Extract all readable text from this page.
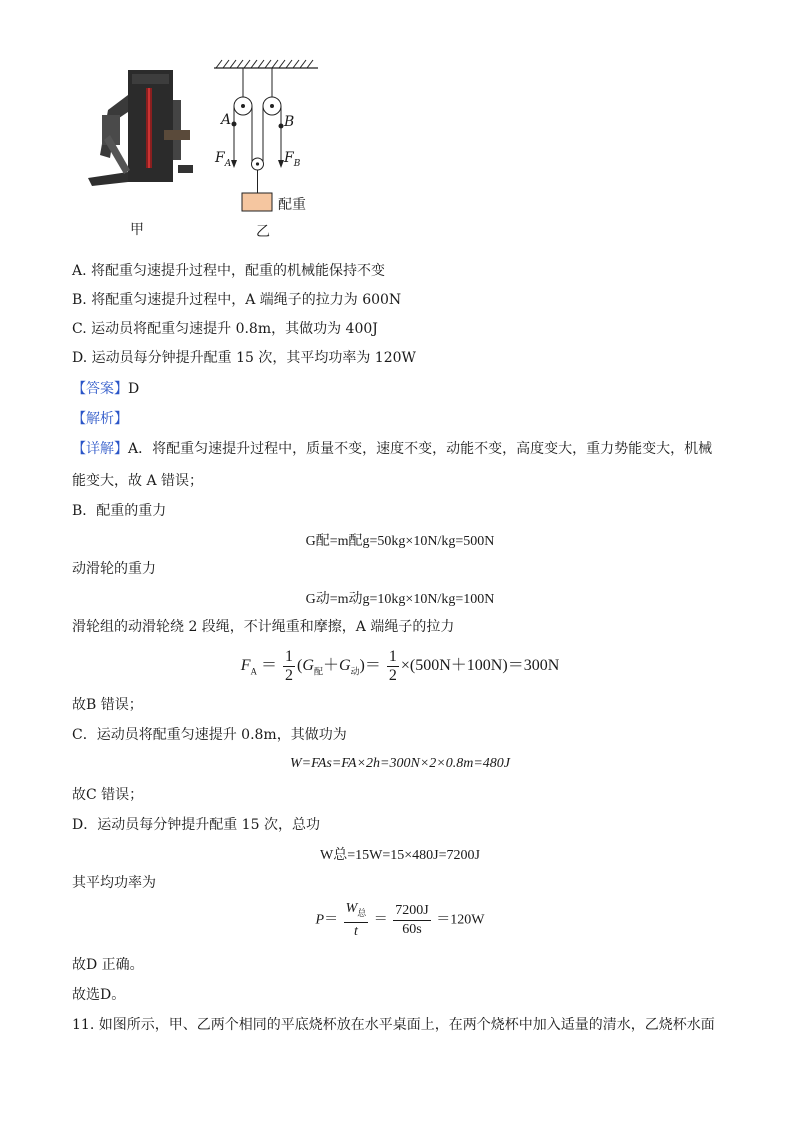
A	B
$F_A$	$F_B$
配重
甲	乙
A. 将配重匀速提升过程中，配重的机械能保持不变
B. 将配重匀速提升过程中，A 端绳子的拉力为 600N
C. 运动员将配重匀速提升 0.8m，其做功为 400J
D. 运动员每分钟提升配重 15 次，其平均功率为 120W
【答案】D
【解析】
【详解】A．将配重匀速提升过程中，质量不变，速度不变，动能不变，高度变大，重力势能变大，机械
能变大，故 A 错误；
B．配重的重力
G配=m配g=50kg×10N/kg=500N
动滑轮的重力
G动=m动g=10kg×10N/kg=100N
滑轮组的动滑轮绕 2 段绳，不计绳重和摩擦，A 端绳子的拉力
$F_A = \frac{1}{2} (G_配+G_动)= \frac{1}{2} \times(500N+100N)=300N$
故B 错误；
C．运动员将配重匀速提升 0.8m，其做功为
W=FAs=FA×2h=300N×2×0.8m=480J
故C 错误；
D．运动员每分钟提升配重 15 次，总功
W总=15W=15×480J=7200J
其平均功率为
$P= \frac{W_总}{t} = \frac{7200J}{60s} =120W$
故D 正确。
故选D。
11. 如图所示，甲、乙两个相同的平底烧杯放在水平桌面上，在两个烧杯中加入适量的清水，乙烧杯水面
